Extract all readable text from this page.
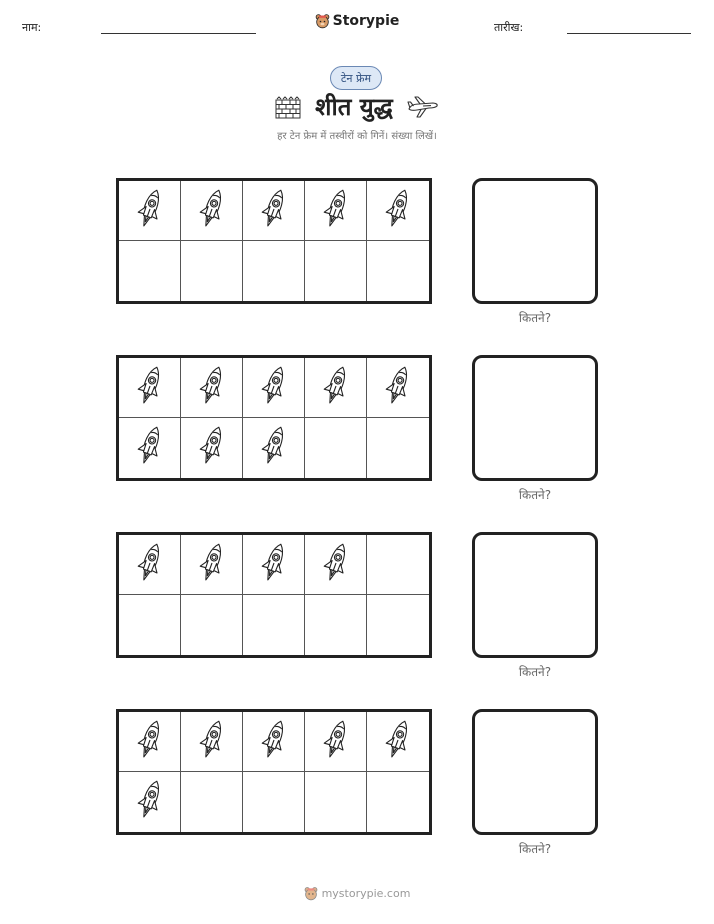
नाम:	Storypie	तारीख:
टेन फ्रेम
शीत युद्ध
हर टेन फ्रेम में तस्वीरों को गिनें। संख्या लिखें।
कितने?
कितने?
कितने?
कितने?
mystorypie.com
